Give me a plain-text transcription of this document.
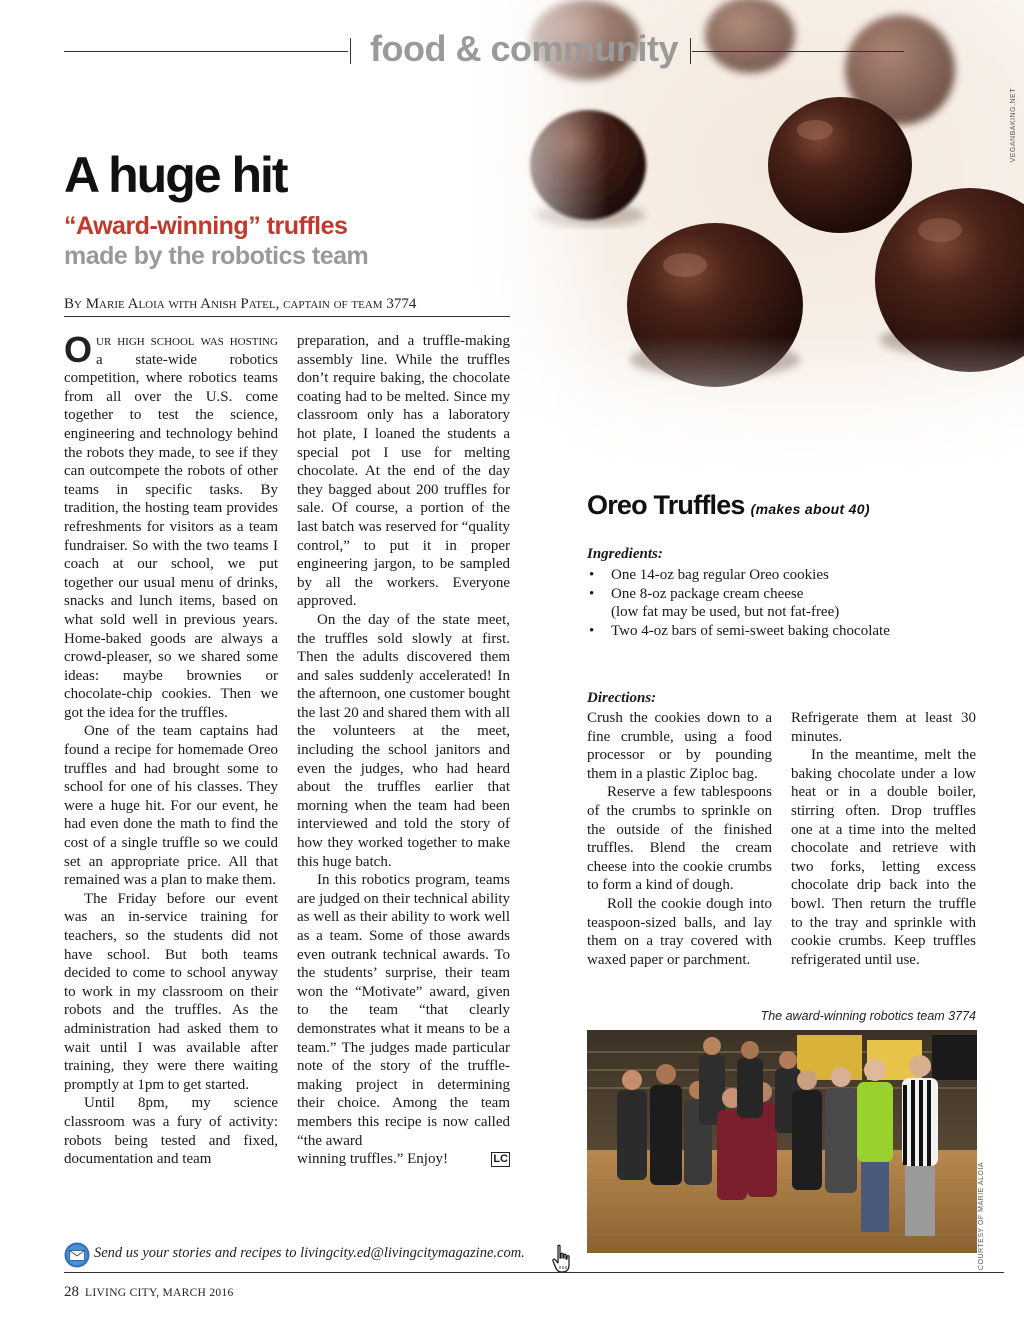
VEGANBAKING.NET
food & community
A huge hit
“Award-winning” truffles
made by the robotics team
By Marie Aloia with Anish Patel, captain of team 3774

Our high school was hosting a state-wide robotics competition, where robotics teams from all over the U.S. come together to test the science, engineering and technology behind the robots they made, to see if they can outcompete the robots of other teams in specific tasks. By tradition, the hosting team provides refreshments for visitors as a team fundraiser. So with the two teams I coach at our school, we put together our usual menu of drinks, snacks and lunch items, based on what sold well in previous years. Home-baked goods are always a crowd-pleaser, so we shared some ideas: maybe brownies or chocolate-chip cookies. Then we got the idea for the truffles.

One of the team captains had found a recipe for homemade Oreo truffles and had brought some to school for one of his classes. They were a huge hit. For our event, he had even done the math to find the cost of a single truffle so we could set an appropriate price. All that remained was a plan to make them.

The Friday before our event was an in-service training for teachers, so the students did not have school. But both teams decided to come to school anyway to work in my classroom on their robots and the truffles. As the administration had asked them to wait until I was available after training, they were there waiting promptly at 1pm to get started.

Until 8pm, my science classroom was a fury of activity: robots being tested and fixed, documentation and team

preparation, and a truffle-making assembly line. While the truffles don’t require baking, the chocolate coating had to be melted. Since my classroom only has a laboratory hot plate, I loaned the students a special pot I use for melting chocolate. At the end of the day they bagged about 200 truffles for sale. Of course, a portion of the last batch was reserved for “quality control,” to put it in proper engineering jargon, to be sampled by all the workers. Everyone approved.

On the day of the state meet, the truffles sold slowly at first. Then the adults discovered them and sales suddenly accelerated! In the afternoon, one customer bought the last 20 and shared them with all the volunteers at the meet, including the school janitors and even the judges, who had heard about the truffles earlier that morning when the team had been interviewed and told the story of how they worked together to make this huge batch.

In this robotics program, teams are judged on their technical ability as well as their ability to work well as a team. Some of those awards even outrank technical awards. To the students’ surprise, their team won the “Motivate” award, given to the team “that clearly demonstrates what it means to be a team.” The judges made particular note of the story of the truffle-making project in determining their choice. Among the team members this recipe is now called “the award

winning truffles.” Enjoy!	LC

Oreo Truffles (makes about 40)
Ingredients:
• One 14-oz bag regular Oreo cookies
• One 8-oz package cream cheese
(low fat may be used, but not fat-free)
• Two 4-oz bars of semi-sweet baking chocolate
Directions:

Crush the cookies down to a fine crumble, using a food processor or by pounding them in a plastic Ziploc bag.

Reserve a few tablespoons of the crumbs to sprinkle on the outside of the finished truffles. Blend the cream cheese into the cookie crumbs to form a kind of dough.

Roll the cookie dough into teaspoon-sized balls, and lay them on a tray covered with waxed paper or parchment.

Refrigerate them at least 30 minutes.

In the meantime, melt the baking chocolate under a low heat or in a double boiler, stirring often. Drop truffles one at a time into the melted chocolate and retrieve with two forks, letting excess chocolate drip back into the bowl. Then return the truffle to the tray and sprinkle with cookie crumbs. Keep truffles refrigerated until use.

The award-winning robotics team 3774
COURTESY OF MARIE ALOIA
Send us your stories and recipes to livingcity.ed@livingcitymagazine.com.
28 LIVING CITY, MARCH 2016
